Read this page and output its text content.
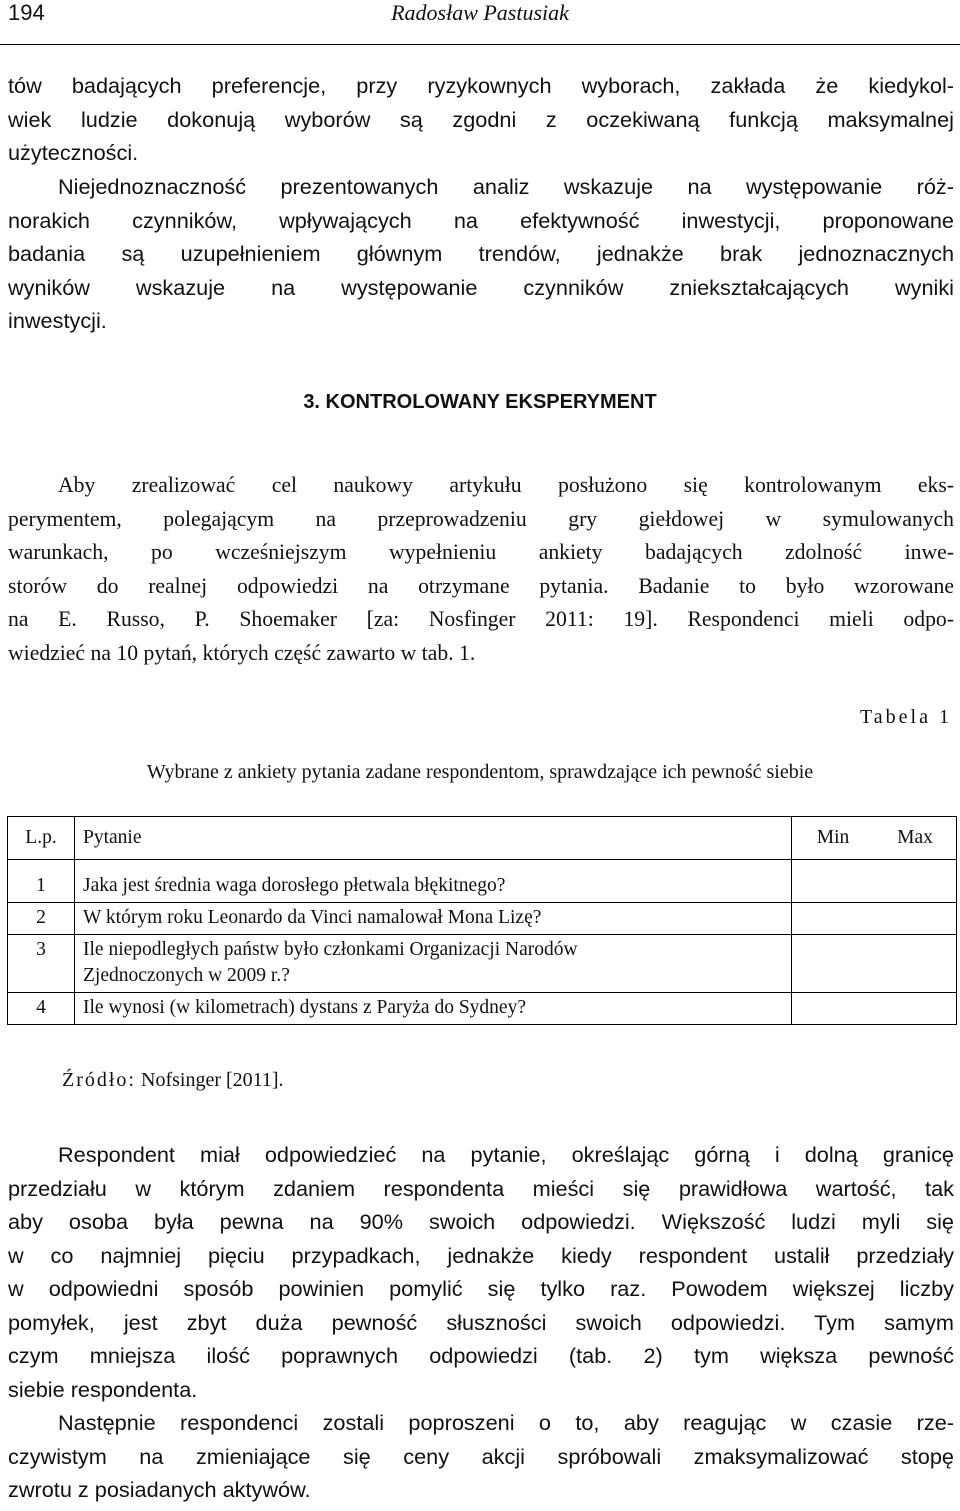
194	Radosław Pastusiak
tów badających preferencje, przy ryzykownych wyborach, zakłada że kiedykol-
wiek ludzie dokonują wyborów są zgodni z oczekiwaną funkcją maksymalnej
użyteczności.
Niejednoznaczność prezentowanych analiz wskazuje na występowanie róż-
norakich czynników, wpływających na efektywność inwestycji, proponowane
badania są uzupełnieniem głównym trendów, jednakże brak jednoznacznych
wyników wskazuje na występowanie czynników zniekształcających wyniki
inwestycji.
3. KONTROLOWANY EKSPERYMENT
Aby zrealizować cel naukowy artykułu posłużono się kontrolowanym eks-
perymentem, polegającym na przeprowadzeniu gry giełdowej w symulowanych
warunkach, po wcześniejszym wypełnieniu ankiety badających zdolność inwe-
storów do realnej odpowiedzi na otrzymane pytania. Badanie to było wzorowane
na E. Russo, P. Shoemaker [za: Nosfinger 2011: 19]. Respondenci mieli odpo-
wiedzieć na 10 pytań, których część zawarto w tab. 1.
Tabela 1
Wybrane z ankiety pytania zadane respondentom, sprawdzające ich pewność siebie
L.p.	Pytanie	Min	Max

1	Jaka jest średnia waga dorosłego płetwala błękitnego?		
2	W którym roku Leonardo da Vinci namalował Mona Lizę?		
3	Ile niepodległych państw było członkami Organizacji Narodów Zjednoczonych w 2009 r.?		
4	Ile wynosi (w kilometrach) dystans z Paryża do Sydney?		
Źródło: Nofsinger [2011].
Respondent miał odpowiedzieć na pytanie, określając górną i dolną granicę
przedziału w którym zdaniem respondenta mieści się prawidłowa wartość, tak
aby osoba była pewna na 90% swoich odpowiedzi. Większość ludzi myli się
w co najmniej pięciu przypadkach, jednakże kiedy respondent ustalił przedziały
w odpowiedni sposób powinien pomylić się tylko raz. Powodem większej liczby
pomyłek, jest zbyt duża pewność słuszności swoich odpowiedzi. Tym samym
czym mniejsza ilość poprawnych odpowiedzi (tab. 2) tym większa pewność
siebie respondenta.
Następnie respondenci zostali poproszeni o to, aby reagując w czasie rze-
czywistym na zmieniające się ceny akcji spróbowali zmaksymalizować stopę
zwrotu z posiadanych aktywów.
